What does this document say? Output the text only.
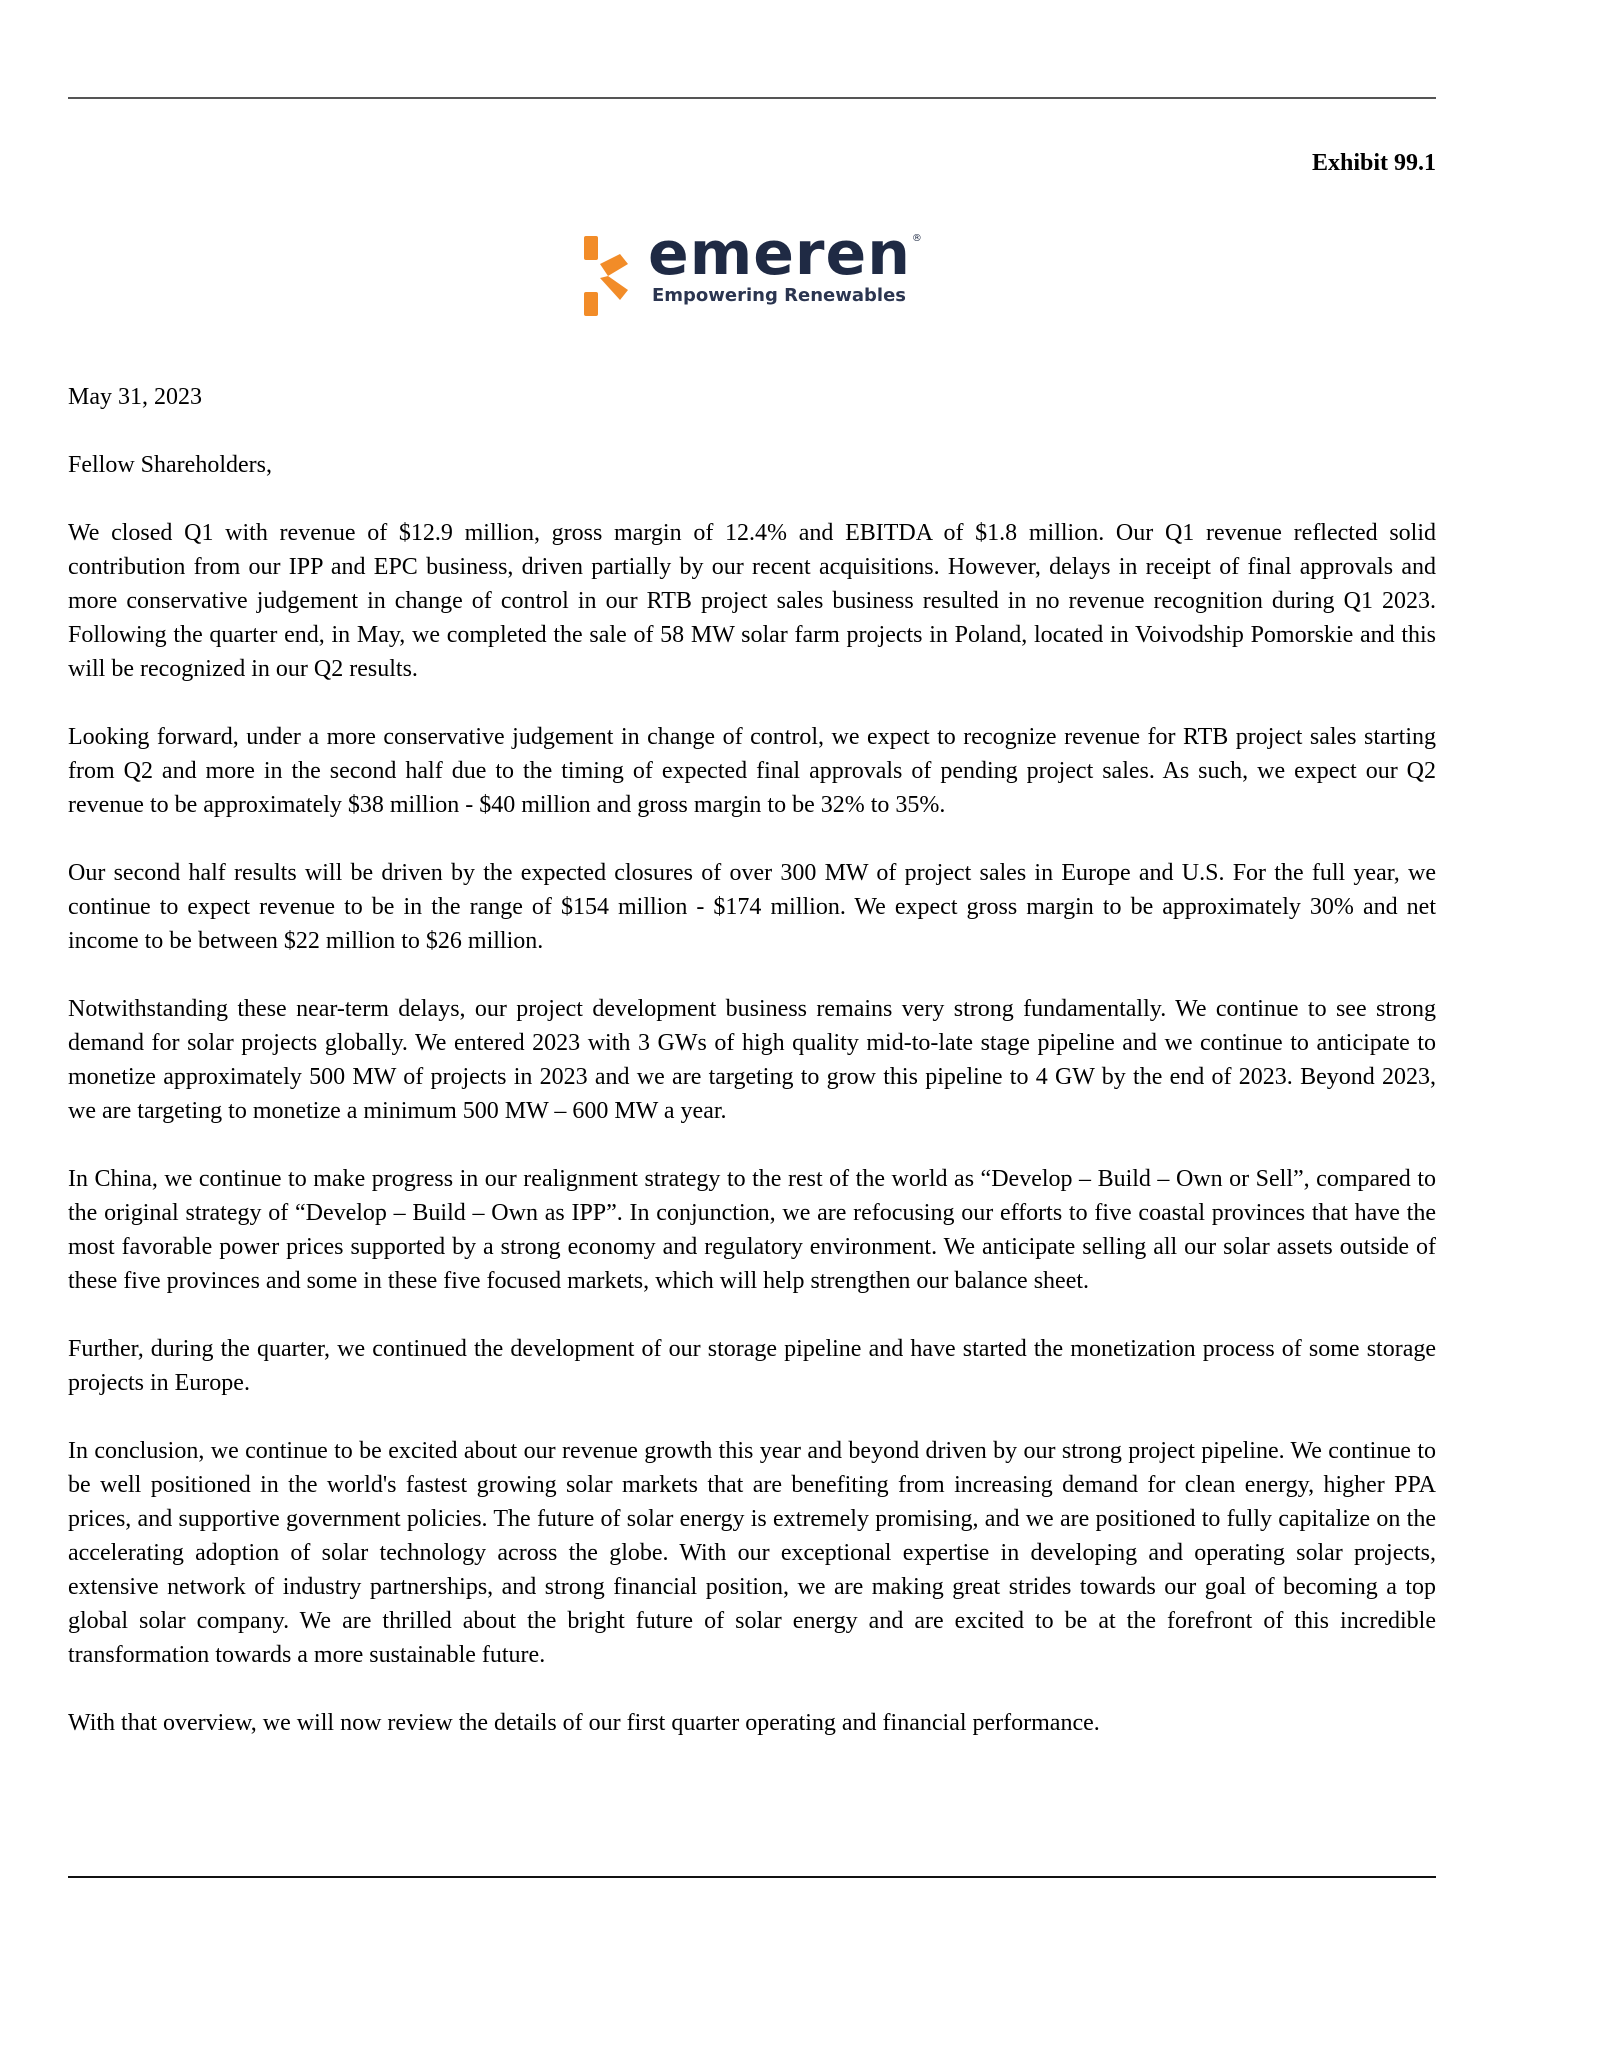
Exhibit 99.1
emeren®
Empowering Renewables

May 31, 2023

Fellow Shareholders,

We closed Q1 with revenue of $12.9 million, gross margin of 12.4% and EBITDA of $1.8 million. Our Q1 revenue reflected solid contribution from our IPP and EPC business, driven partially by our recent acquisitions. However, delays in receipt of final approvals and more conservative judgement in change of control in our RTB project sales business resulted in no revenue recognition during Q1 2023. Following the quarter end, in May, we completed the sale of 58 MW solar farm projects in Poland, located in Voivodship Pomorskie and this will be recognized in our Q2 results.

Looking forward, under a more conservative judgement in change of control, we expect to recognize revenue for RTB project sales starting from Q2 and more in the second half due to the timing of expected final approvals of pending project sales. As such, we expect our Q2 revenue to be approximately $38 million - $40 million and gross margin to be 32% to 35%.

Our second half results will be driven by the expected closures of over 300 MW of project sales in Europe and U.S. For the full year, we continue to expect revenue to be in the range of $154 million - $174 million. We expect gross margin to be approximately 30% and net income to be between $22 million to $26 million.

Notwithstanding these near-term delays, our project development business remains very strong fundamentally. We continue to see strong demand for solar projects globally. We entered 2023 with 3 GWs of high quality mid-to-late stage pipeline and we continue to anticipate to monetize approximately 500 MW of projects in 2023 and we are targeting to grow this pipeline to 4 GW by the end of 2023. Beyond 2023, we are targeting to monetize a minimum 500 MW – 600 MW a year.

In China, we continue to make progress in our realignment strategy to the rest of the world as “Develop – Build – Own or Sell”, compared to the original strategy of “Develop – Build – Own as IPP”. In conjunction, we are refocusing our efforts to five coastal provinces that have the most favorable power prices supported by a strong economy and regulatory environment. We anticipate selling all our solar assets outside of these five provinces and some in these five focused markets, which will help strengthen our balance sheet.

Further, during the quarter, we continued the development of our storage pipeline and have started the monetization process of some storage projects in Europe.

In conclusion, we continue to be excited about our revenue growth this year and beyond driven by our strong project pipeline. We continue to be well positioned in the world's fastest growing solar markets that are benefiting from increasing demand for clean energy, higher PPA prices, and supportive government policies. The future of solar energy is extremely promising, and we are positioned to fully capitalize on the accelerating adoption of solar technology across the globe. With our exceptional expertise in developing and operating solar projects, extensive network of industry partnerships, and strong financial position, we are making great strides towards our goal of becoming a top global solar company. We are thrilled about the bright future of solar energy and are excited to be at the forefront of this incredible transformation towards a more sustainable future.

With that overview, we will now review the details of our first quarter operating and financial performance.
